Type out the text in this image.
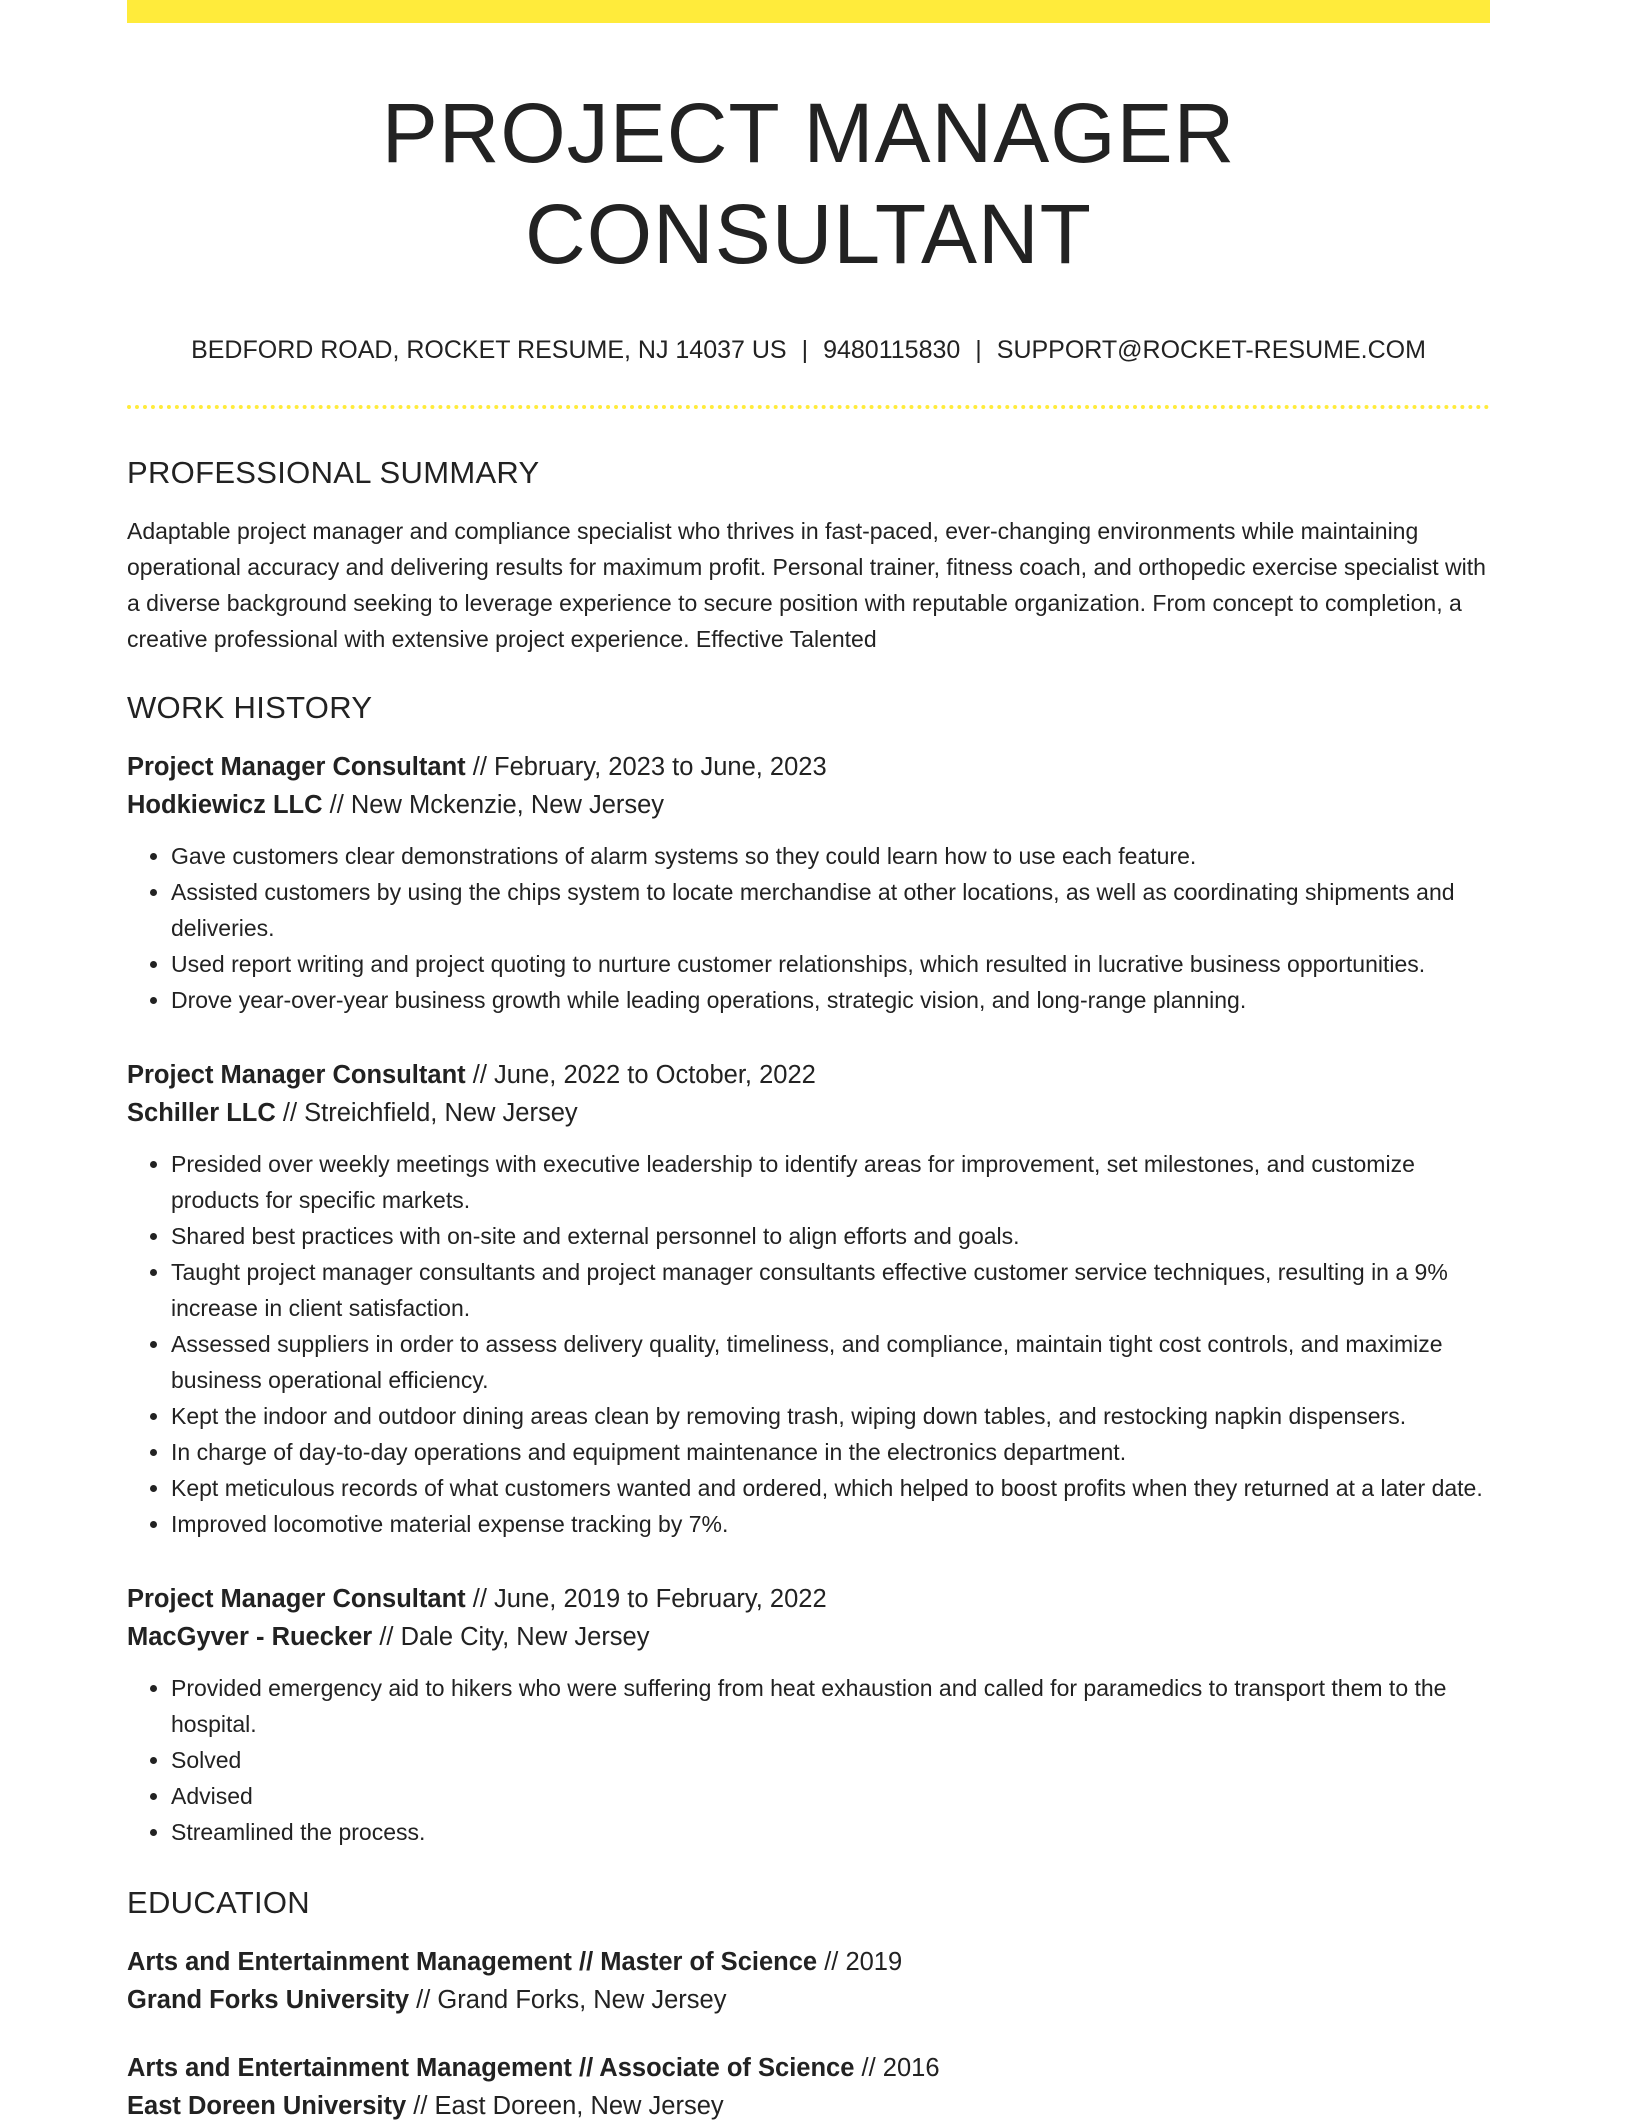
PROJECT MANAGER CONSULTANT
BEDFORD ROAD, ROCKET RESUME, NJ 14037 US | 9480115830 | SUPPORT@ROCKET-RESUME.COM
PROFESSIONAL SUMMARY

Adaptable project manager and compliance specialist who thrives in fast-paced, ever-changing environments while maintaining operational accuracy and delivering results for maximum profit. Personal trainer, fitness coach, and orthopedic exercise specialist with a diverse background seeking to leverage experience to secure position with reputable organization. From concept to completion, a creative professional with extensive project experience. Effective Talented

WORK HISTORY
Project Manager Consultant // February, 2023 to June, 2023
Hodkiewicz LLC // New Mckenzie, New Jersey
• Gave customers clear demonstrations of alarm systems so they could learn how to use each feature.
• Assisted customers by using the chips system to locate merchandise at other locations, as well as coordinating shipments and deliveries.
• Used report writing and project quoting to nurture customer relationships, which resulted in lucrative business opportunities.
• Drove year-over-year business growth while leading operations, strategic vision, and long-range planning.
Project Manager Consultant // June, 2022 to October, 2022
Schiller LLC // Streichfield, New Jersey
• Presided over weekly meetings with executive leadership to identify areas for improvement, set milestones, and customize products for specific markets.
• Shared best practices with on-site and external personnel to align efforts and goals.
• Taught project manager consultants and project manager consultants effective customer service techniques, resulting in a 9% increase in client satisfaction.
• Assessed suppliers in order to assess delivery quality, timeliness, and compliance, maintain tight cost controls, and maximize business operational efficiency.
• Kept the indoor and outdoor dining areas clean by removing trash, wiping down tables, and restocking napkin dispensers.
• In charge of day-to-day operations and equipment maintenance in the electronics department.
• Kept meticulous records of what customers wanted and ordered, which helped to boost profits when they returned at a later date.
• Improved locomotive material expense tracking by 7%.
Project Manager Consultant // June, 2019 to February, 2022
MacGyver - Ruecker // Dale City, New Jersey
• Provided emergency aid to hikers who were suffering from heat exhaustion and called for paramedics to transport them to the hospital.
• Solved
• Advised
• Streamlined the process.
EDUCATION
Arts and Entertainment Management // Master of Science // 2019
Grand Forks University // Grand Forks, New Jersey
Arts and Entertainment Management // Associate of Science // 2016
East Doreen University // East Doreen, New Jersey
